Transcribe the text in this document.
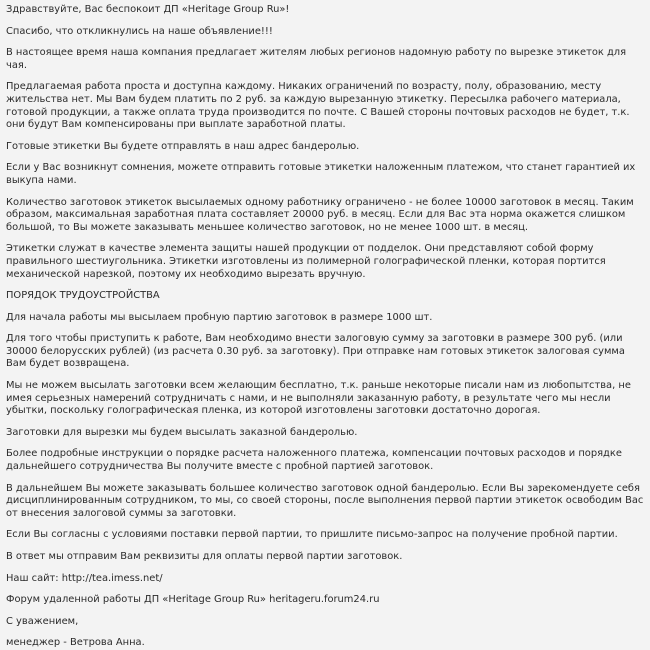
Здравствуйте, Вас беспокоит ДП «Heritage Group Ru»!

Спасибо, что откликнулись на наше объявление!!!

В настоящее время наша компания предлагает жителям любых регионов надомную работу по вырезке этикеток для чая.

Предлагаемая работа проста и доступна каждому. Никаких ограничений по возрасту, полу, образованию, месту жительства нет. Мы Вам будем платить по 2 руб. за каждую вырезанную этикетку. Пересылка рабочего материала, готовой продукции, а также оплата труда производится по почте. С Вашей стороны почтовых расходов не будет, т.к. они будут Вам компенсированы при выплате заработной платы.

Готовые этикетки Вы будете отправлять в наш адрес бандеролью.

Если у Вас возникнут сомнения, можете отправить готовые этикетки наложенным платежом, что станет гарантией их выкупа нами.

Количество заготовок этикеток высылаемых одному работнику ограничено - не более 10000 заготовок в месяц. Таким образом, максимальная заработная плата составляет 20000 руб. в месяц. Если для Вас эта норма окажется слишком большой, то Вы можете заказывать меньшее количество заготовок, но не менее 1000 шт. в месяц.

Этикетки служат в качестве элемента защиты нашей продукции от подделок. Они представляют собой форму правильного шестиугольника. Этикетки изготовлены из полимерной голографической пленки, которая портится механической нарезкой, поэтому их необходимо вырезать вручную.

ПОРЯДОК ТРУДОУСТРОЙСТВА

Для начала работы мы высылаем пробную партию заготовок в размере 1000 шт.

Для того чтобы приступить к работе, Вам необходимо внести залоговую сумму за заготовки в размере 300 руб. (или 30000 белорусских рублей) (из расчета 0.30 руб. за заготовку). При отправке нам готовых этикеток залоговая сумма Вам будет возвращена.

Мы не можем высылать заготовки всем желающим бесплатно, т.к. раньше некоторые писали нам из любопытства, не имея серьезных намерений сотрудничать с нами, и не выполняли заказанную работу, в результате чего мы несли убытки, поскольку голографическая пленка, из которой изготовлены заготовки достаточно дорогая.

Заготовки для вырезки мы будем высылать заказной бандеролью.

Более подробные инструкции о порядке расчета наложенного платежа, компенсации почтовых расходов и порядке дальнейшего сотрудничества Вы получите вместе с пробной партией заготовок.

В дальнейшем Вы можете заказывать большее количество заготовок одной бандеролью. Если Вы зарекомендуете себя дисциплинированным сотрудником, то мы, со своей стороны, после выполнения первой партии этикеток освободим Вас от внесения залоговой суммы за заготовки.

Если Вы согласны с условиями поставки первой партии, то пришлите письмо-запрос на получение пробной партии.

В ответ мы отправим Вам реквизиты для оплаты первой партии заготовок.

Наш сайт: http://tea.imess.net/

Форум удаленной работы ДП «Heritage Group Ru» heritageru.forum24.ru

С уважением,

менеджер - Ветрова Анна.
